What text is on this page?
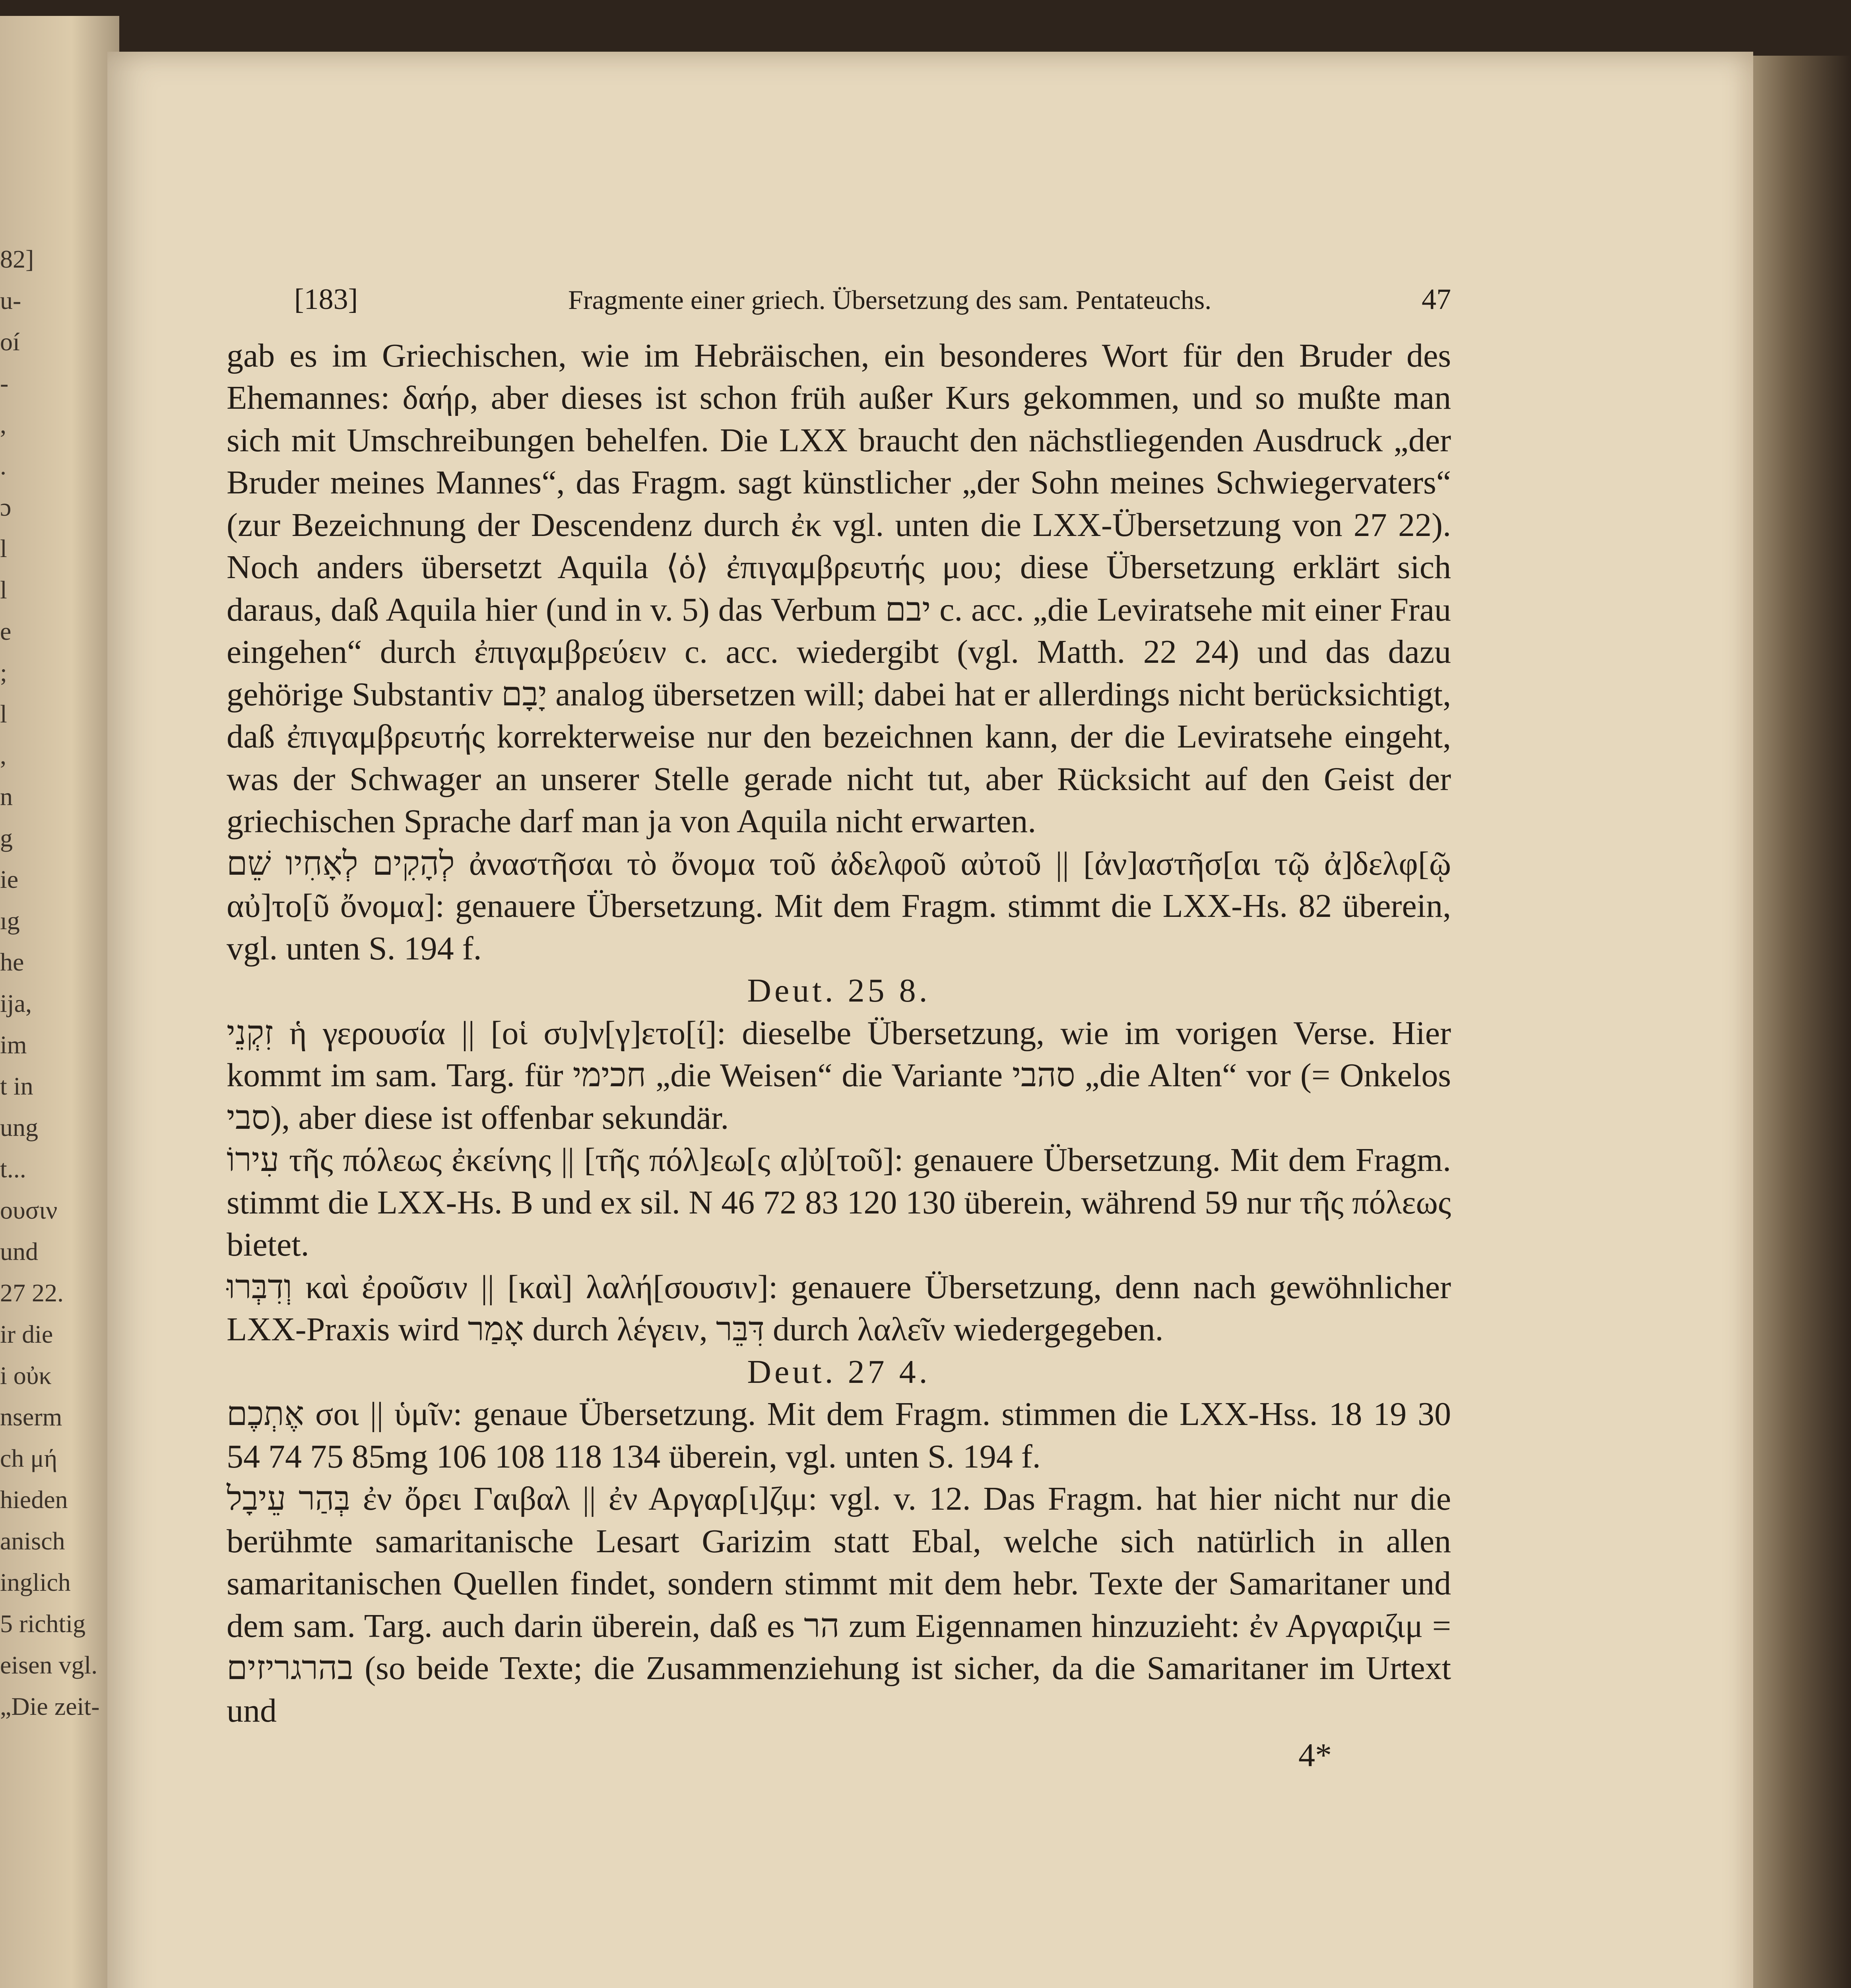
82]
u-
oí
-
,
.
ɔ
l
l
e
;
l
,
n
g
ie
ıg
he
ija,
im
t in
ung
t...
ουσιν
und
27 22.
ir die
i οὐκ
nserm
ch μή
hieden
anisch
inglich
5 richtig
eisen vgl.
„Die zeit-
[183]	Fragmente einer griech. Übersetzung des sam. Pentateuchs.	47

gab es im Griechischen, wie im Hebräischen, ein besonderes Wort für den Bruder des Ehemannes: δαήρ, aber dieses ist schon früh außer Kurs gekommen, und so mußte man sich mit Umschreibungen behelfen. Die LXX braucht den nächstliegenden Ausdruck „der Bruder meines Mannes“, das Fragm. sagt künstlicher „der Sohn meines Schwiegervaters“ (zur Bezeichnung der Descendenz durch ἐκ vgl. unten die LXX-Übersetzung von 27 22). Noch anders übersetzt Aquila ⟨ὁ⟩ ἐπιγαμβρευτής μου; diese Übersetzung erklärt sich daraus, daß Aquila hier (und in v. 5) das Verbum יבם c. acc. „die Leviratsehe mit einer Frau eingehen“ durch ἐπιγαμβρεύειν c. acc. wiedergibt (vgl. Matth. 22 24) und das dazu gehörige Substantiv יָבָם analog übersetzen will; dabei hat er allerdings nicht berücksichtigt, daß ἐπιγαμβρευτής korrekterweise nur den bezeichnen kann, der die Leviratsehe eingeht, was der Schwager an unserer Stelle gerade nicht tut, aber Rücksicht auf den Geist der griechischen Sprache darf man ja von Aquila nicht erwarten.

לְהָקִים לְאָחִיו שֵׁם ἀναστῆσαι τὸ ὄνομα τοῦ ἀδελφοῦ αὐτοῦ || [ἀν]αστῆσ[αι τῷ ἀ]δελφ[ῷ αὐ]το[ῦ ὄνομα]: genauere Übersetzung. Mit dem Fragm. stimmt die LXX-Hs. 82 überein, vgl. unten S. 194 f.

Deut. 25 8.

זִקְנֵי ἡ γερουσία || [οἱ συ]ν[γ]ετο[ί]: dieselbe Übersetzung, wie im vorigen Verse. Hier kommt im sam. Targ. für חכימי „die Weisen“ die Variante סהבי „die Alten“ vor (= Onkelos סבי), aber diese ist offenbar sekundär.

עִירוֹ τῆς πόλεως ἐκείνης || [τῆς πόλ]εω[ς α]ὐ[τοῦ]: genauere Übersetzung. Mit dem Fragm. stimmt die LXX-Hs. B und ex sil. N 46 72 83 120 130 überein, während 59 nur τῆς πόλεως bietet.

וְדִבְּרוּ καὶ ἐροῦσιν || [καὶ] λαλή[σουσιν]: genauere Übersetzung, denn nach gewöhnlicher LXX-Praxis wird אָמַר durch λέγειν, דִּבֵּר durch λαλεῖν wiedergegeben.

Deut. 27 4.

אֶתְכֶם σοι || ὑμῖν: genaue Übersetzung. Mit dem Fragm. stimmen die LXX-Hss. 18 19 30 54 74 75 85mg 106 108 118 134 überein, vgl. unten S. 194 f.

בְּהַר עֵיבָל ἐν ὄρει Γαιβαλ || ἐν Αργαρ[ι]ζιμ: vgl. v. 12. Das Fragm. hat hier nicht nur die berühmte samaritanische Lesart Garizim statt Ebal, welche sich natürlich in allen samaritanischen Quellen findet, sondern stimmt mit dem hebr. Texte der Samaritaner und dem sam. Targ. auch darin überein, daß es הר zum Eigennamen hinzuzieht: ἐν Αργαριζιμ = בהרגריזים (so beide Texte; die Zusammenziehung ist sicher, da die Samaritaner im Urtext und

4*
